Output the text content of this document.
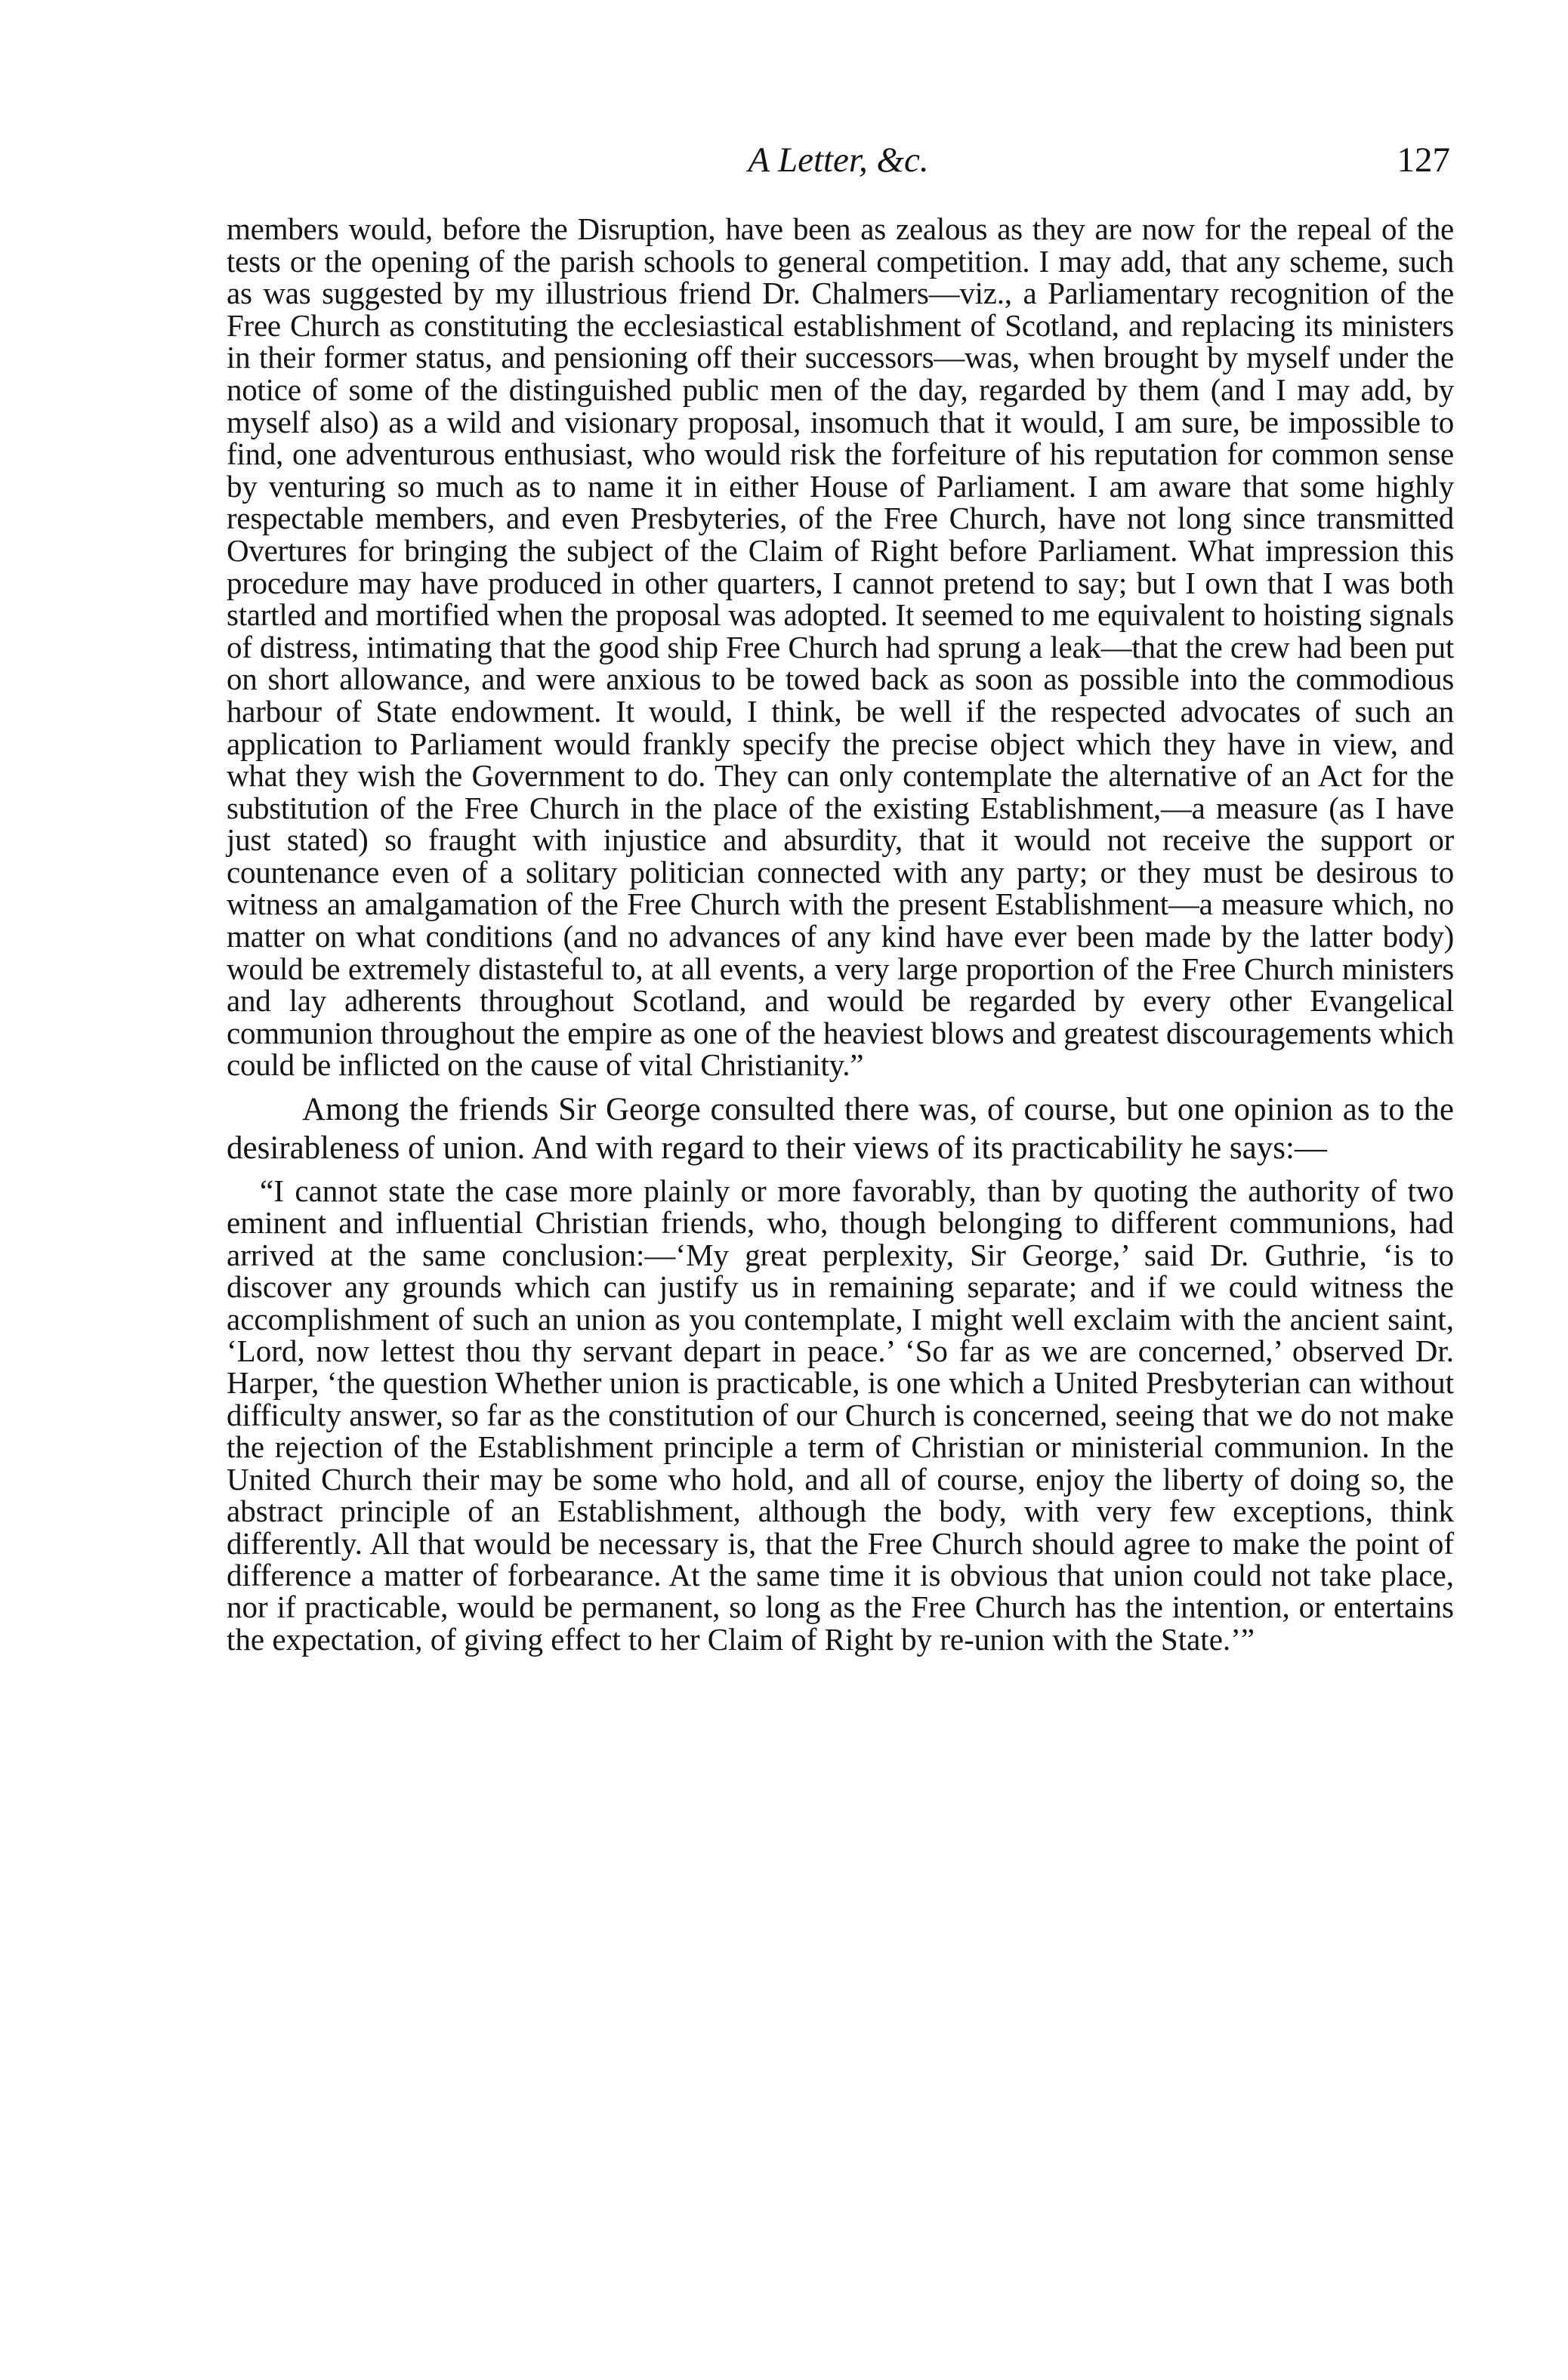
A Letter, &c.	127

members would, before the Disruption, have been as zealous as they are now for the repeal of the tests or the opening of the parish schools to general competition. I may add, that any scheme, such as was suggested by my illustrious friend Dr. Chalmers—viz., a Parliamentary recognition of the Free Church as constituting the ecclesiastical establishment of Scotland, and replacing its ministers in their former status, and pensioning off their successors—was, when brought by myself under the notice of some of the distinguished public men of the day, regarded by them (and I may add, by myself also) as a wild and visionary proposal, insomuch that it would, I am sure, be impossible to find, one adventurous enthusiast, who would risk the forfeiture of his reputation for common sense by venturing so much as to name it in either House of Parliament. I am aware that some highly respectable members, and even Presbyteries, of the Free Church, have not long since transmitted Overtures for bringing the subject of the Claim of Right before Parliament. What impression this procedure may have produced in other quarters, I cannot pretend to say; but I own that I was both startled and mortified when the proposal was adopted. It seemed to me equivalent to hoisting signals of distress, intimating that the good ship Free Church had sprung a leak—that the crew had been put on short allowance, and were anxious to be towed back as soon as possible into the commodious harbour of State endowment. It would, I think, be well if the respected advocates of such an application to Parliament would frankly specify the precise object which they have in view, and what they wish the Government to do. They can only contemplate the alternative of an Act for the substitution of the Free Church in the place of the existing Establishment,—a measure (as I have just stated) so fraught with injustice and absurdity, that it would not receive the support or countenance even of a solitary politician connected with any party; or they must be desirous to witness an amalgamation of the Free Church with the present Establishment—a measure which, no matter on what conditions (and no advances of any kind have ever been made by the latter body) would be extremely distasteful to, at all events, a very large proportion of the Free Church ministers and lay adherents throughout Scotland, and would be regarded by every other Evangelical communion throughout the empire as one of the heaviest blows and greatest discouragements which could be inflicted on the cause of vital Christianity.”

Among the friends Sir George consulted there was, of course, but one opinion as to the desirableness of union. And with regard to their views of its practicability he says:—

“I cannot state the case more plainly or more favorably, than by quoting the authority of two eminent and influential Christian friends, who, though belonging to different communions, had arrived at the same conclusion:—‘My great perplexity, Sir George,’ said Dr. Guthrie, ‘is to discover any grounds which can justify us in remaining separate; and if we could witness the accomplishment of such an union as you contemplate, I might well exclaim with the ancient saint, ‘Lord, now lettest thou thy servant depart in peace.’ ‘So far as we are concerned,’ observed Dr. Harper, ‘the question Whether union is practicable, is one which a United Presbyterian can without difficulty answer, so far as the constitution of our Church is concerned, seeing that we do not make the rejection of the Establishment principle a term of Christian or ministerial communion. In the United Church their may be some who hold, and all of course, enjoy the liberty of doing so, the abstract principle of an Establishment, although the body, with very few exceptions, think differently. All that would be necessary is, that the Free Church should agree to make the point of difference a matter of forbearance. At the same time it is obvious that union could not take place, nor if practicable, would be permanent, so long as the Free Church has the intention, or entertains the expectation, of giving effect to her Claim of Right by re-union with the State.’”
